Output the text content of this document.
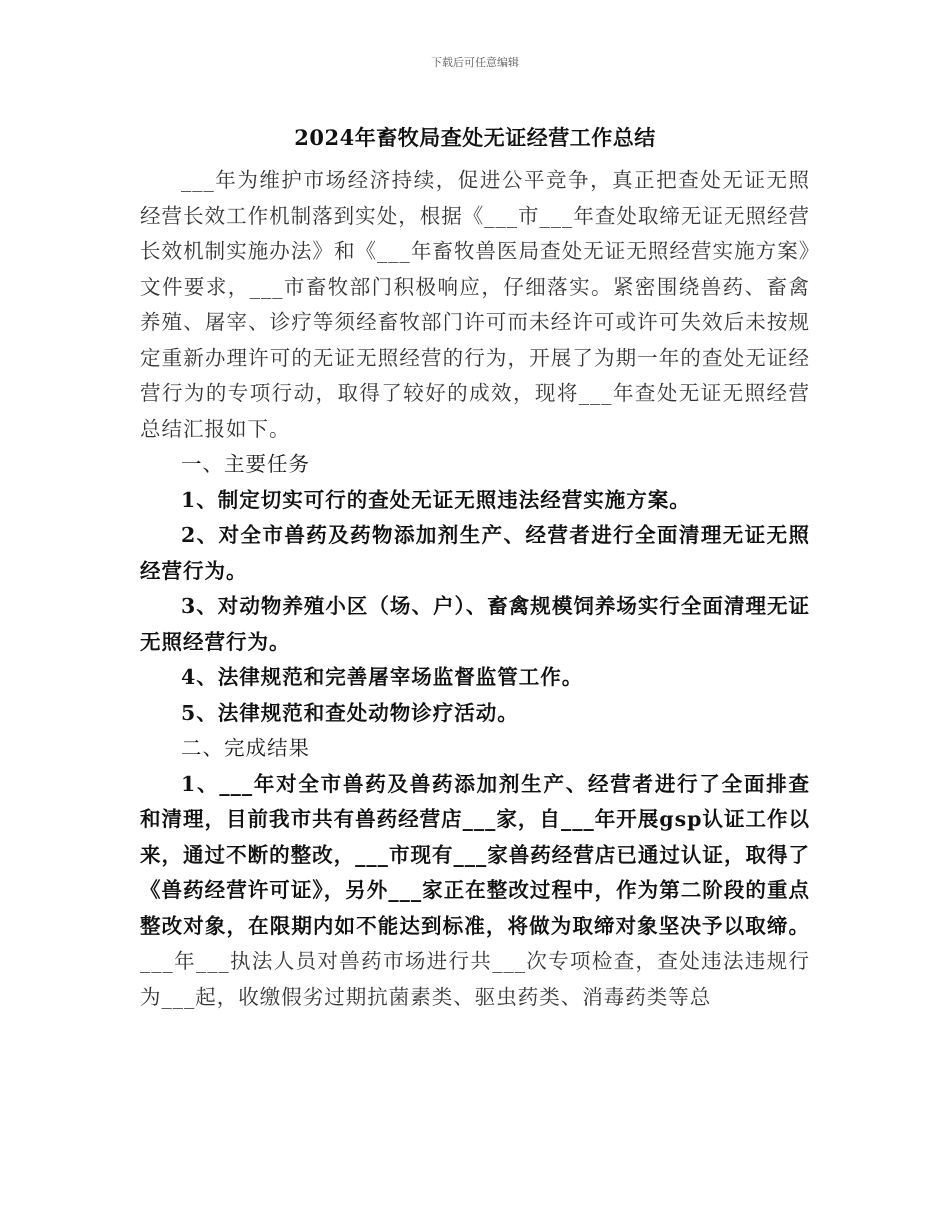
下载后可任意编辑
2024年畜牧局查处无证经营工作总结

___年为维护市场经济持续，促进公平竞争，真正把查处无证无照经营长效工作机制落到实处，根据《___市___年查处取缔无证无照经营长效机制实施办法》和《___年畜牧兽医局查处无证无照经营实施方案》文件要求，___市畜牧部门积极响应，仔细落实。紧密围绕兽药、畜禽养殖、屠宰、诊疗等须经畜牧部门许可而未经许可或许可失效后未按规定重新办理许可的无证无照经营的行为，开展了为期一年的查处无证经营行为的专项行动，取得了较好的成效，现将___年查处无证无照经营总结汇报如下。

一、主要任务

1、制定切实可行的查处无证无照违法经营实施方案。

2、对全市兽药及药物添加剂生产、经营者进行全面清理无证无照经营行为。

3、对动物养殖小区（场、户）、畜禽规模饲养场实行全面清理无证无照经营行为。

4、法律规范和完善屠宰场监督监管工作。

5、法律规范和查处动物诊疗活动。

二、完成结果

1、___年对全市兽药及兽药添加剂生产、经营者进行了全面排查和清理，目前我市共有兽药经营店___家，自___年开展gsp认证工作以来，通过不断的整改，___市现有___家兽药经营店已通过认证，取得了《兽药经营许可证》，另外___家正在整改过程中，作为第二阶段的重点整改对象，在限期内如不能达到标准，将做为取缔对象坚决予以取缔。___年___执法人员对兽药市场进行共___次专项检查，查处违法违规行为___起，收缴假劣过期抗菌素类、驱虫药类、消毒药类等总
